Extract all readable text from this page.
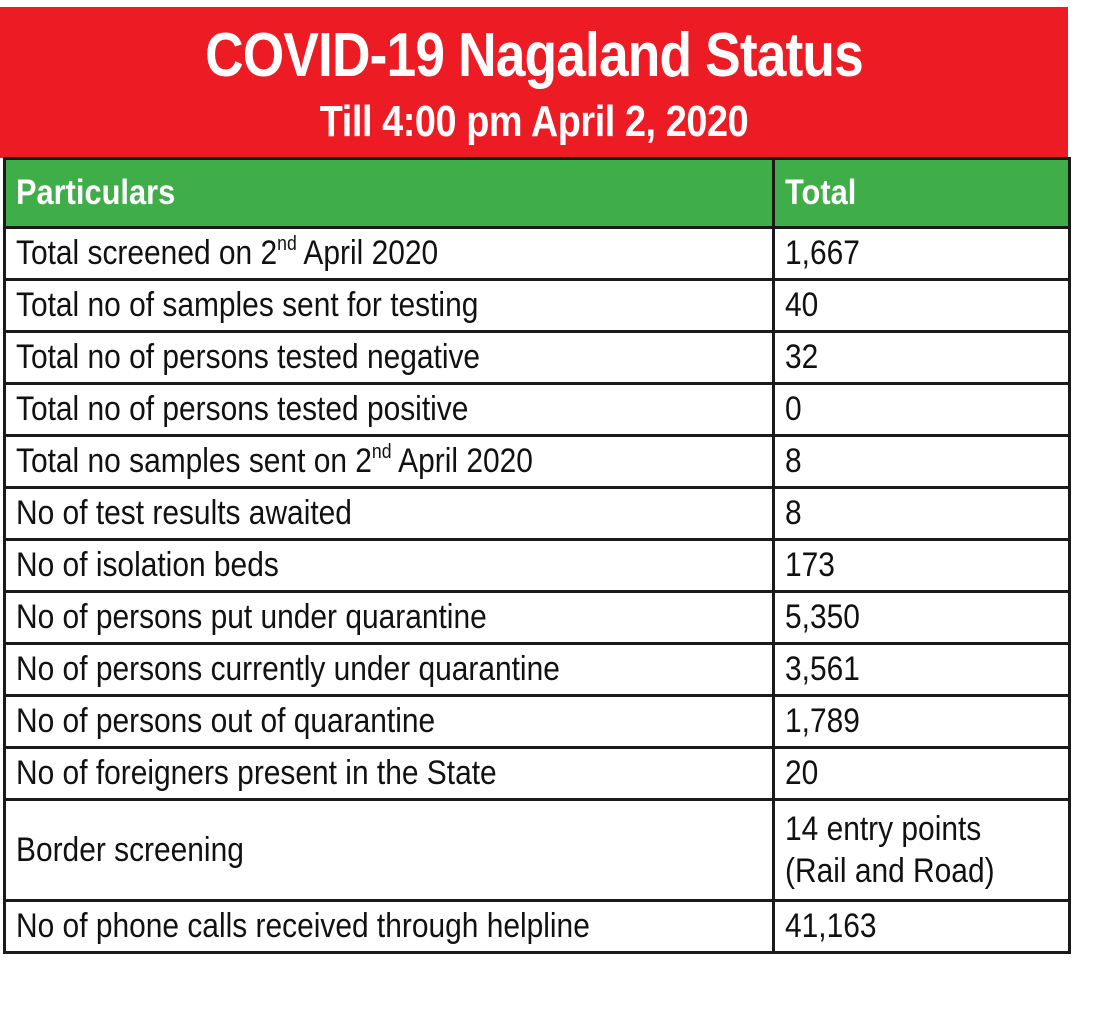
COVID-19 Nagaland Status
Till 4:00 pm April 2, 2020
Particulars	Total
Total screened on 2nd April 2020	1,667
Total no of samples sent for testing	40
Total no of persons tested negative	32
Total no of persons tested positive	0
Total no samples sent on 2nd April 2020	8
No of test results awaited	8
No of isolation beds	173
No of persons put under quarantine	5,350
No of persons currently under quarantine	3,561
No of persons out of quarantine	1,789
No of foreigners present in the State	20
Border screening	14 entry points
(Rail and Road)
No of phone calls received through helpline	41,163
